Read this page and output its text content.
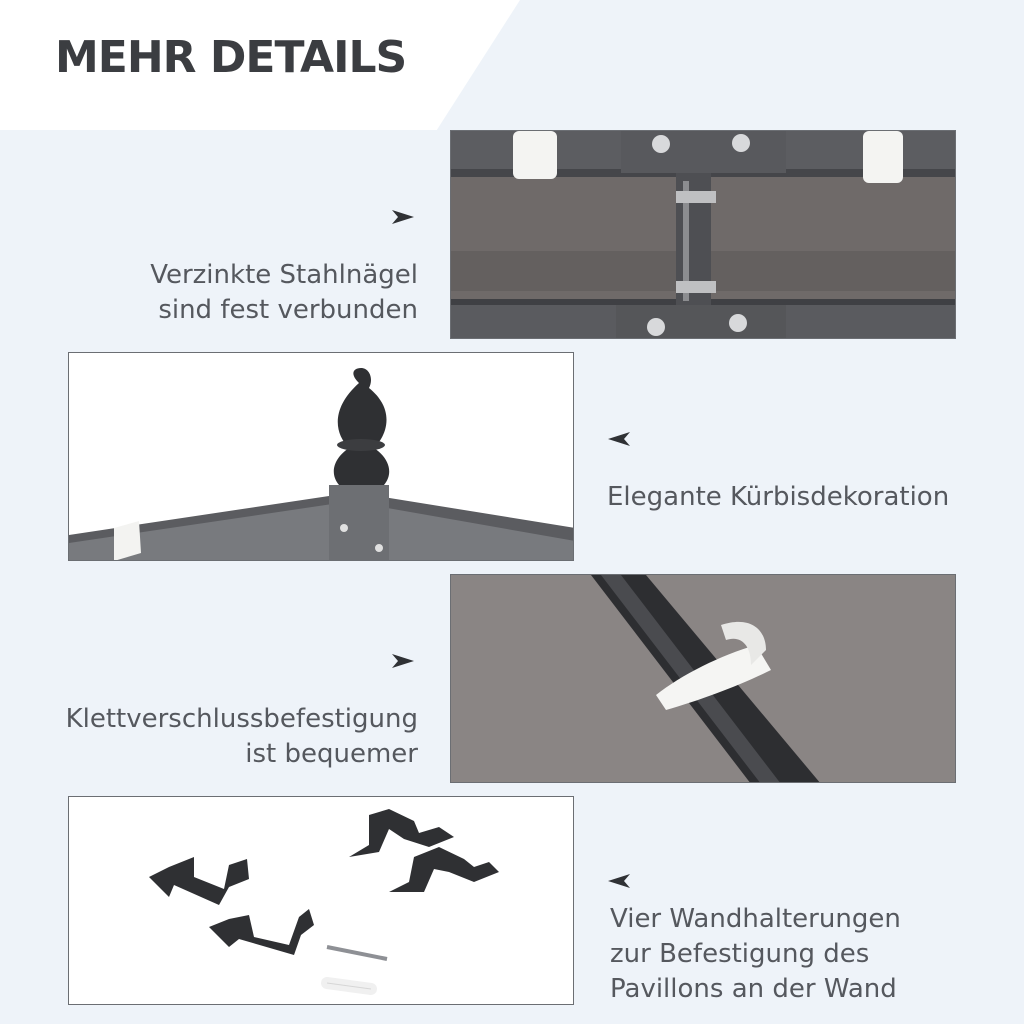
MEHR DETAILS
Verzinkte Stahlnägel
sind fest verbunden
Elegante Kürbisdekoration
Klettverschlussbefestigung
ist bequemer
Vier Wandhalterungen
zur Befestigung des
Pavillons an der Wand
